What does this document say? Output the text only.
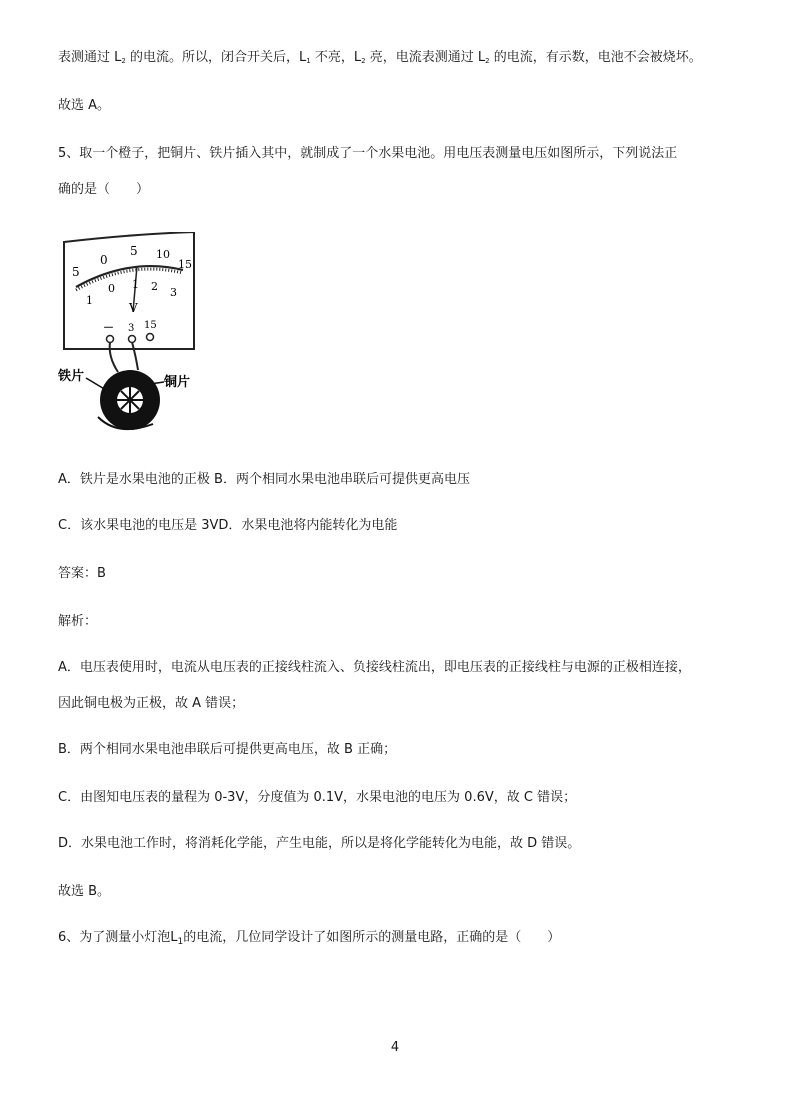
表测通过 $L_2$ 的电流。所以，闭合开关后，$L_1$ 不亮，$L_2$ 亮，电流表测通过 $L_2$ 的电流，有示数，电池不会被烧坏。
故选 A。
5、取一个橙子，把铜片、铁片插入其中，就制成了一个水果电池。用电压表测量电压如图所示，下列说法正
确的是（　　）
5
0
5 10
15
1
0 1 2 3
V
－ 3 15
铁片	铜片
A．铁片是水果电池的正极 B．两个相同水果电池串联后可提供更高电压
C．该水果电池的电压是 3VD．水果电池将内能转化为电能
答案：B
解析：
A．电压表使用时，电流从电压表的正接线柱流入、负接线柱流出，即电压表的正接线柱与电源的正极相连接，
因此铜电极为正极，故 A 错误；
B．两个相同水果电池串联后可提供更高电压，故 B 正确；
C．由图知电压表的量程为 0-3V，分度值为 0.1V，水果电池的电压为 0.6V，故 C 错误；
D．水果电池工作时，将消耗化学能，产生电能，所以是将化学能转化为电能，故 D 错误。
故选 B。
6、为了测量小灯泡$L_1$的电流，几位同学设计了如图所示的测量电路，正确的是（　　）
4
